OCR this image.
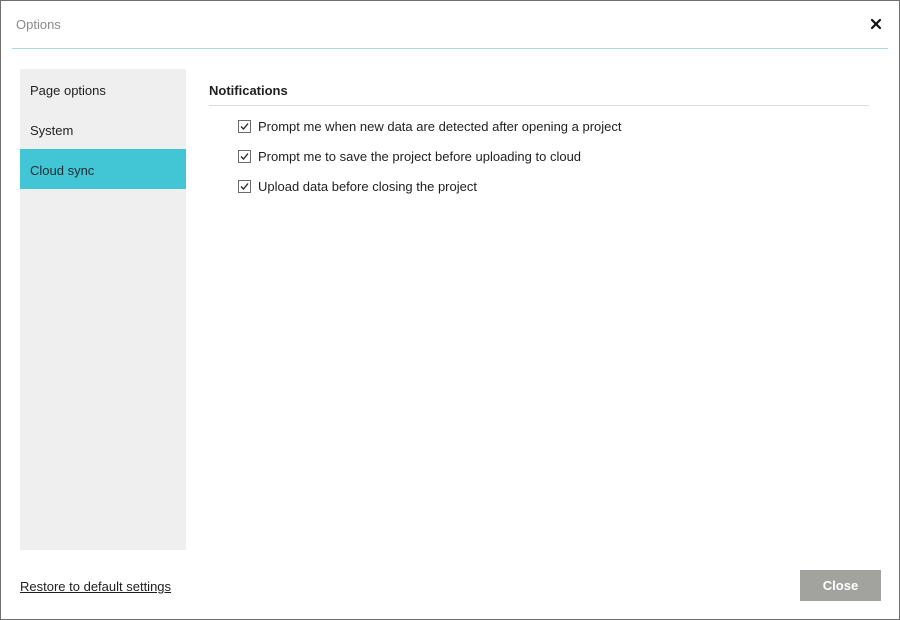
Options
Page options
System
Cloud sync
Notifications
Prompt me when new data are detected after opening a project
Prompt me to save the project before uploading to cloud
Upload data before closing the project
Restore to default settings	Close
